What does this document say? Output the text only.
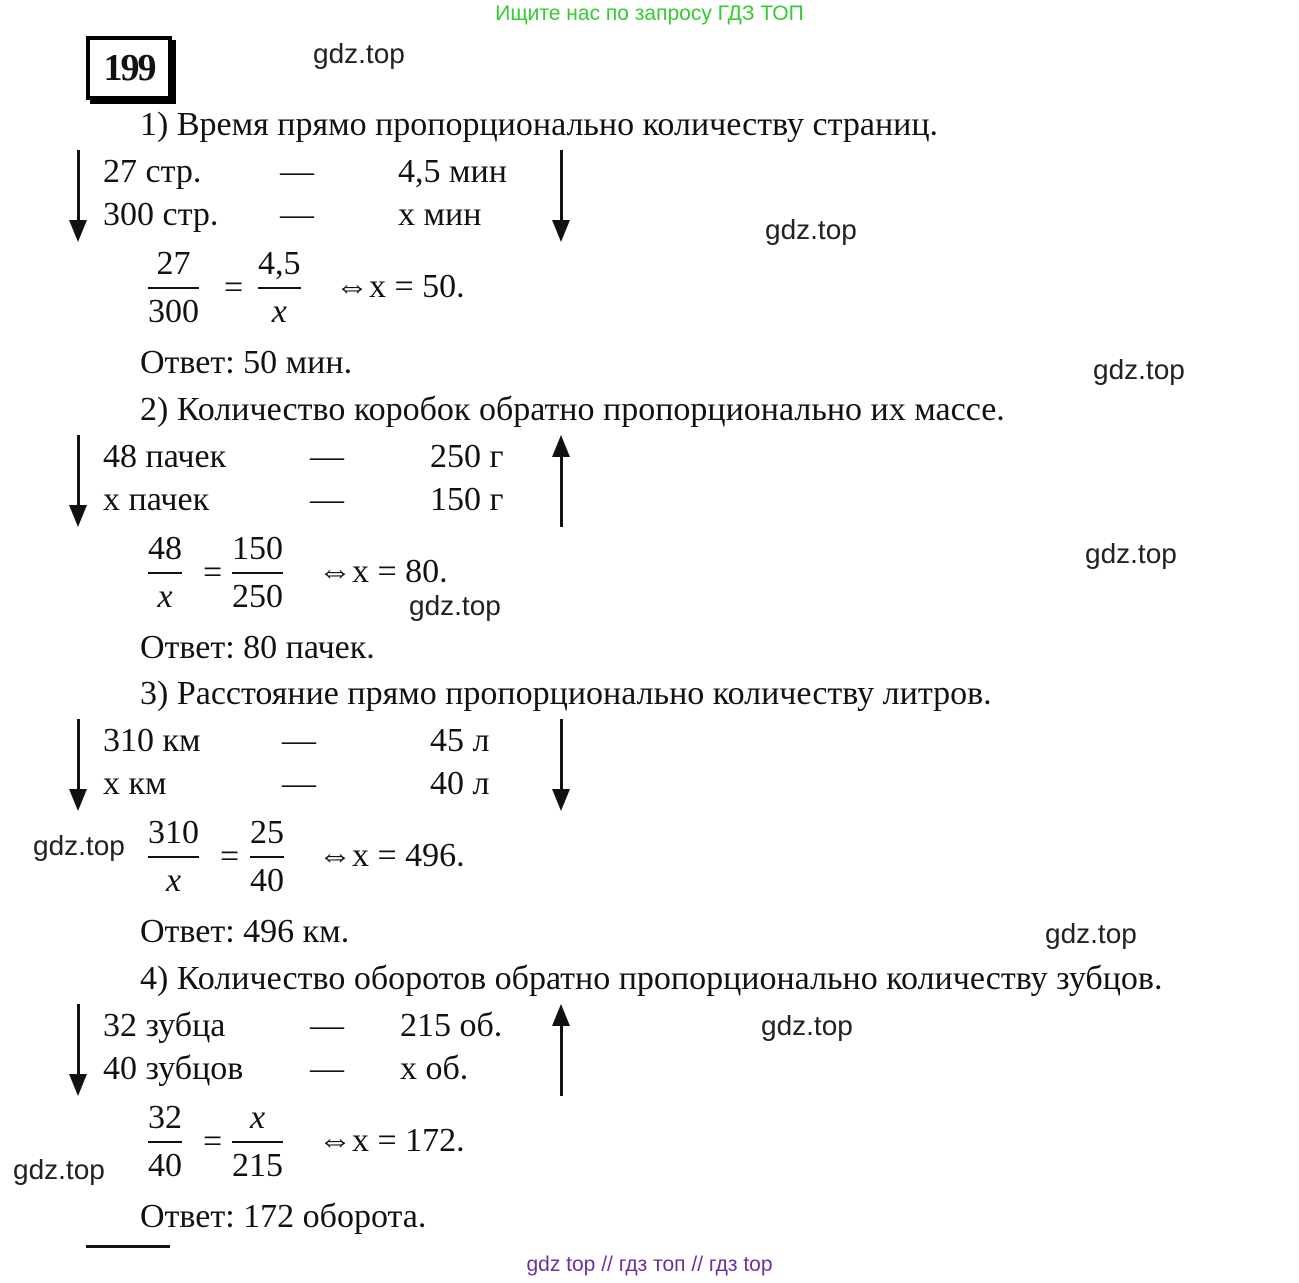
Ищите нас по запросу ГДЗ ТОП
199	gdz.top
gdz.top
gdz.top
gdz.top
gdz.top
gdz.top
gdz.top
gdz.top
gdz.top
1) Время прямо пропорционально количеству страниц.
27 стр. — 4,5 мин
300 стр. — x мин
27
300
=
4,5
x
⇔x = 50.
Ответ: 50 мин.
2) Количество коробок обратно пропорционально их массе.
48 пачек —	250 г
x пачек	—	150 г
48
x
=
150
250
⇔x = 80.
Ответ: 80 пачек.
3) Расстояние прямо пропорционально количеству литров.
310 км —	45 л
x км	—	40 л
310
x
=
25
40
⇔x = 496.
Ответ: 496 км.
4) Количество оборотов обратно пропорционально количеству зубцов.
32 зубца — 215 об.
40 зубцов — x об.
32
40
=
x
215
⇔x = 172.
Ответ: 172 оборота.
gdz top // гдз топ // гдз top
